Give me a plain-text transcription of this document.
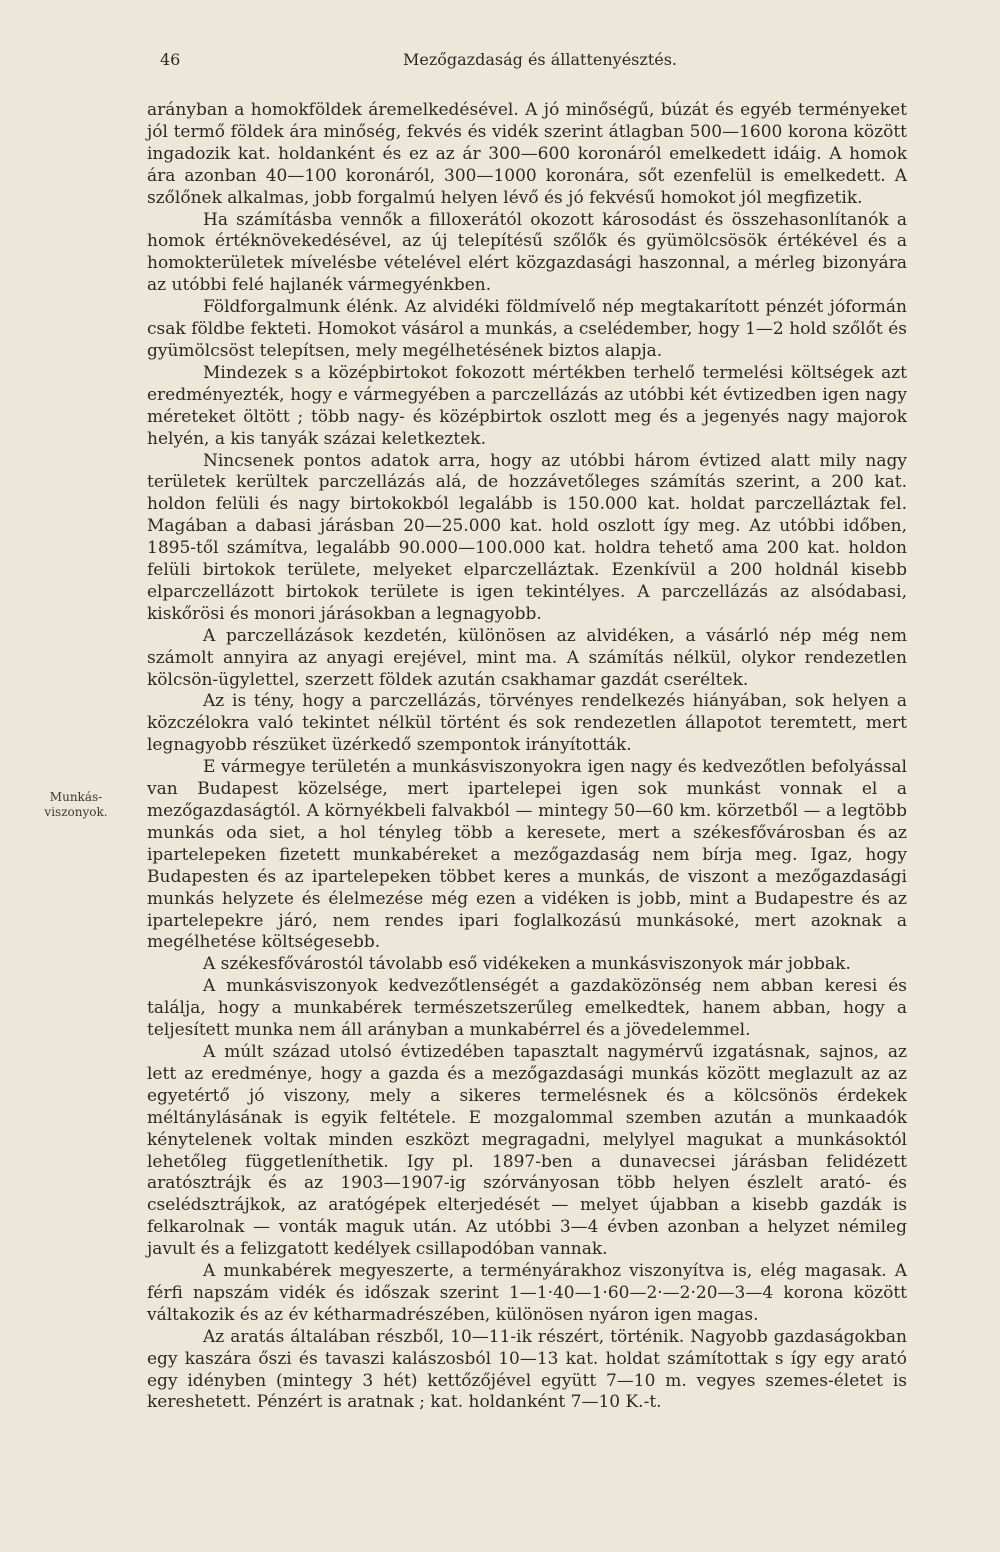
46	Mezőgazdaság és állattenyésztés.
Munkás-
viszonyok.

arányban a homokföldek áremelkedésével. A jó minőségű, búzát és egyéb terményeket jól termő földek ára minőség, fekvés és vidék szerint átlagban 500—1600 korona között ingadozik kat. holdanként és ez az ár 300—600 koronáról emelkedett idáig. A homok ára azonban 40—100 koronáról, 300—1000 koronára, sőt ezenfelül is emelkedett. A szőlőnek alkalmas, jobb forgalmú helyen lévő és jó fekvésű homokot jól megfizetik.

Ha számításba vennők a filloxerától okozott károsodást és összehasonlítanók a homok értéknövekedésével, az új telepítésű szőlők és gyümölcsösök értékével és a homokterületek mívelésbe vételével elért közgazdasági haszonnal, a mérleg bizonyára az utóbbi felé hajlanék vármegyénkben.

Földforgalmunk élénk. Az alvidéki földmívelő nép megtakarított pénzét jóformán csak földbe fekteti. Homokot vásárol a munkás, a cselédember, hogy 1—2 hold szőlőt és gyümölcsöst telepítsen, mely megélhetésének biztos alapja.

Mindezek s a középbirtokot fokozott mértékben terhelő termelési költségek azt eredményezték, hogy e vármegyében a parczellázás az utóbbi két évtizedben igen nagy méreteket öltött ; több nagy- és középbirtok oszlott meg és a jegenyés nagy majorok helyén, a kis tanyák százai keletkeztek.

Nincsenek pontos adatok arra, hogy az utóbbi három évtized alatt mily nagy területek kerültek parczellázás alá, de hozzávetőleges számítás szerint, a 200 kat. holdon felüli és nagy birtokokból legalább is 150.000 kat. holdat parczelláztak fel. Magában a dabasi járásban 20—25.000 kat. hold oszlott így meg. Az utóbbi időben, 1895-től számítva, legalább 90.000—100.000 kat. holdra tehető ama 200 kat. holdon felüli birtokok területe, melyeket elparczelláztak. Ezenkívül a 200 holdnál kisebb elparczellázott birtokok területe is igen tekintélyes. A parczellázás az alsódabasi, kiskőrösi és monori járásokban a legnagyobb.

A parczellázások kezdetén, különösen az alvidéken, a vásárló nép még nem számolt annyira az anyagi erejével, mint ma. A számítás nélkül, olykor rendezetlen kölcsön-ügylettel, szerzett földek azután csakhamar gazdát cseréltek.

Az is tény, hogy a parczellázás, törvényes rendelkezés hiányában, sok helyen a közczélokra való tekintet nélkül történt és sok rendezetlen állapotot teremtett, mert legnagyobb részüket üzérkedő szempontok irányították.

E vármegye területén a munkásviszonyokra igen nagy és kedvezőtlen befolyással van Budapest közelsége, mert ipartelepei igen sok munkást vonnak el a mezőgazdaságtól. A környékbeli falvakból — mintegy 50—60 km. körzetből — a legtöbb munkás oda siet, a hol tényleg több a keresete, mert a székesfővárosban és az ipartelepeken fizetett munkabéreket a mezőgazdaság nem bírja meg. Igaz, hogy Budapesten és az ipartelepeken többet keres a munkás, de viszont a mezőgazdasági munkás helyzete és élelmezése még ezen a vidéken is jobb, mint a Budapestre és az ipartelepekre járó, nem rendes ipari foglalkozású munkásoké, mert azoknak a megélhetése költségesebb.

A székesfővárostól távolabb eső vidékeken a munkásviszonyok már jobbak.

A munkásviszonyok kedvezőtlenségét a gazdaközönség nem abban keresi és találja, hogy a munkabérek természetszerűleg emelkedtek, hanem abban, hogy a teljesített munka nem áll arányban a munkabérrel és a jövedelemmel.

A múlt század utolsó évtizedében tapasztalt nagymérvű izgatásnak, sajnos, az lett az eredménye, hogy a gazda és a mezőgazdasági munkás között meglazult az az egyetértő jó viszony, mely a sikeres termelésnek és a kölcsönös érdekek méltánylásának is egyik feltétele. E mozgalommal szemben azután a munkaadók kénytelenek voltak minden eszközt megragadni, melylyel magukat a munkásoktól lehetőleg függetleníthetik. Igy pl. 1897-ben a dunavecsei járásban felidézett aratósztrájk és az 1903—1907-ig szórványosan több helyen észlelt arató- és cselédsztrájkok, az aratógépek elterjedését — melyet újabban a kisebb gazdák is felkarolnak — vonták maguk után. Az utóbbi 3—4 évben azonban a helyzet némileg javult és a felizgatott kedélyek csillapodóban vannak.

A munkabérek megyeszerte, a terményárakhoz viszonyítva is, elég magasak. A férfi napszám vidék és időszak szerint 1—1·40—1·60—2·—2·20—3—4 korona között váltakozik és az év kétharmadrészében, különösen nyáron igen magas.

Az aratás általában részből, 10—11-ik részért, történik. Nagyobb gazdaságokban egy kaszára őszi és tavaszi kalászosból 10—13 kat. holdat számítottak s így egy arató egy idényben (mintegy 3 hét) kettőzőjével együtt 7—10 m. vegyes szemes-életet is kereshetett. Pénzért is aratnak ; kat. holdanként 7—10 K.-t.
